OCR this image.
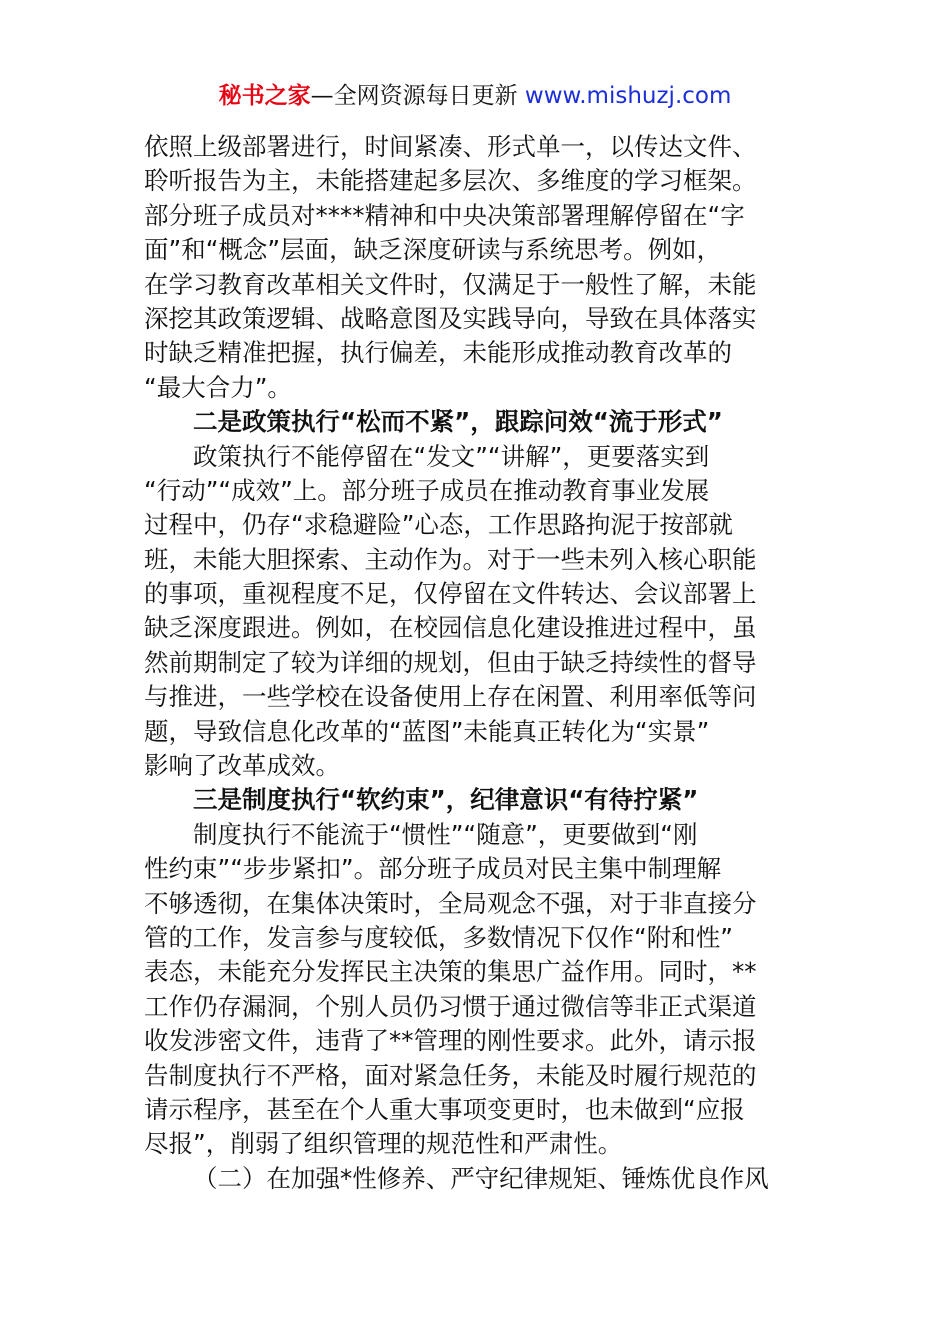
秘书之家—全网资源每日更新 www.mishuzj.com
依照上级部署进行，时间紧凑、形式单一，以传达文件、
聆听报告为主，未能搭建起多层次、多维度的学习框架。
部分班子成员对****精神和中央决策部署理解停留在“字
面”和“概念”层面，缺乏深度研读与系统思考。例如，
在学习教育改革相关文件时，仅满足于一般性了解，未能
深挖其政策逻辑、战略意图及实践导向，导致在具体落实
时缺乏精准把握，执行偏差，未能形成推动教育改革的
“最大合力”。
二是政策执行“松而不紧”，跟踪问效“流于形式”
政策执行不能停留在“发文”“讲解”，更要落实到
“行动”“成效”上。部分班子成员在推动教育事业发展
过程中，仍存“求稳避险”心态，工作思路拘泥于按部就
班，未能大胆探索、主动作为。对于一些未列入核心职能
的事项，重视程度不足，仅停留在文件转达、会议部署上
缺乏深度跟进。例如，在校园信息化建设推进过程中，虽
然前期制定了较为详细的规划，但由于缺乏持续性的督导
与推进，一些学校在设备使用上存在闲置、利用率低等问
题，导致信息化改革的“蓝图”未能真正转化为“实景”
影响了改革成效。
三是制度执行“软约束”，纪律意识“有待拧紧”
制度执行不能流于“惯性”“随意”，更要做到“刚
性约束”“步步紧扣”。部分班子成员对民主集中制理解
不够透彻，在集体决策时，全局观念不强，对于非直接分
管的工作，发言参与度较低，多数情况下仅作“附和性”
表态，未能充分发挥民主决策的集思广益作用。同时，**
工作仍存漏洞，个别人员仍习惯于通过微信等非正式渠道
收发涉密文件，违背了**管理的刚性要求。此外，请示报
告制度执行不严格，面对紧急任务，未能及时履行规范的
请示程序，甚至在个人重大事项变更时，也未做到“应报
尽报”，削弱了组织管理的规范性和严肃性。
（二）在加强*性修养、严守纪律规矩、锤炼优良作风
